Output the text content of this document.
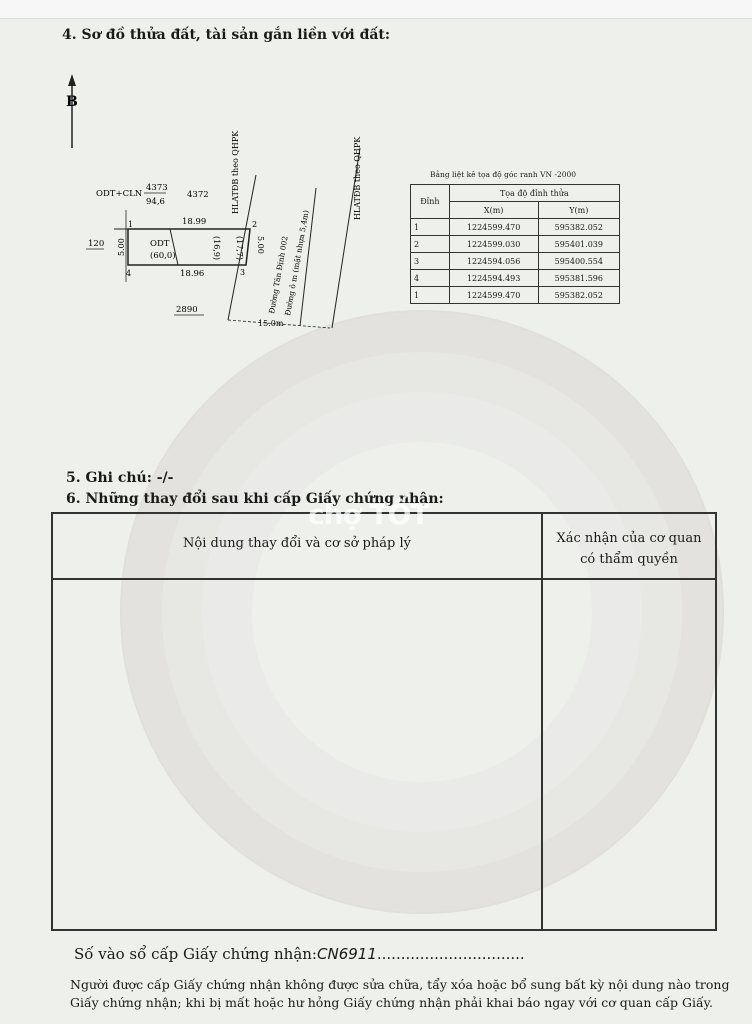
4. Sơ đồ thửa đất, tài sản gắn liền với đất:
B
ODT+CLN
4373
94,6
4372
120
2890
1	2
3
4
18.99
18.96
ODT
(60,0)
5.00	(16,9) (17,7) 5.00
HLATĐB theo QHPK	HLATĐB theo QHPK
Đường Tân Định 002
Đường ô m (mặt nhựa 5,4m)
15.0m
Bảng liệt kê tọa độ góc ranh VN -2000
Đỉnh	Tọa độ đỉnh thửa	
	X(m)	Y(m)
1	1224599.470	595382.052
2	1224599.030	595401.039
3	1224594.056	595400.554
4	1224594.493	595381.596
1	1224599.470	595382.052
5. Ghi chú: -/-
6. Những thay đổi sau khi cấp Giấy chứng nhận:
Nội dung thay đổi và cơ sở pháp lý	Xác nhận của cơ quan
có thẩm quyền
chợ TỐT
Số vào sổ cấp Giấy chứng nhận:CN6911...............................
Người được cấp Giấy chứng nhận không được sửa chữa, tẩy xóa hoặc bổ sung bất kỳ nội dung nào trong
Giấy chứng nhận; khi bị mất hoặc hư hỏng Giấy chứng nhận phải khai báo ngay với cơ quan cấp Giấy.
